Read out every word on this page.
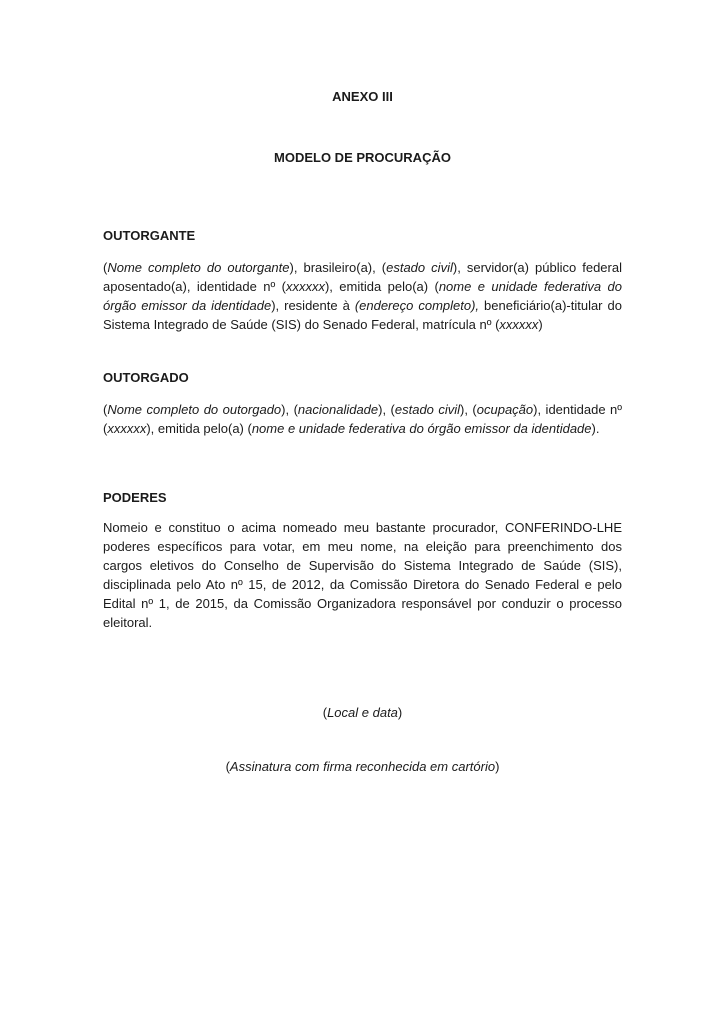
ANEXO III
MODELO DE PROCURAÇÃO
OUTORGANTE
(Nome completo do outorgante), brasileiro(a), (estado civil), servidor(a) público federal aposentado(a), identidade nº (xxxxxx), emitida pelo(a) (nome e unidade federativa do órgão emissor da identidade), residente à (endereço completo), beneficiário(a)-titular do Sistema Integrado de Saúde (SIS) do Senado Federal, matrícula nº (xxxxxx)
OUTORGADO
(Nome completo do outorgado), (nacionalidade), (estado civil), (ocupação), identidade nº (xxxxxx), emitida pelo(a) (nome e unidade federativa do órgão emissor da identidade).
PODERES
Nomeio e constituo o acima nomeado meu bastante procurador, CONFERINDO-LHE poderes específicos para votar, em meu nome, na eleição para preenchimento dos cargos eletivos do Conselho de Supervisão do Sistema Integrado de Saúde (SIS), disciplinada pelo Ato nº 15, de 2012, da Comissão Diretora do Senado Federal e pelo Edital nº 1, de 2015, da Comissão Organizadora responsável por conduzir o processo eleitoral.
(Local e data)
(Assinatura com firma reconhecida em cartório)
